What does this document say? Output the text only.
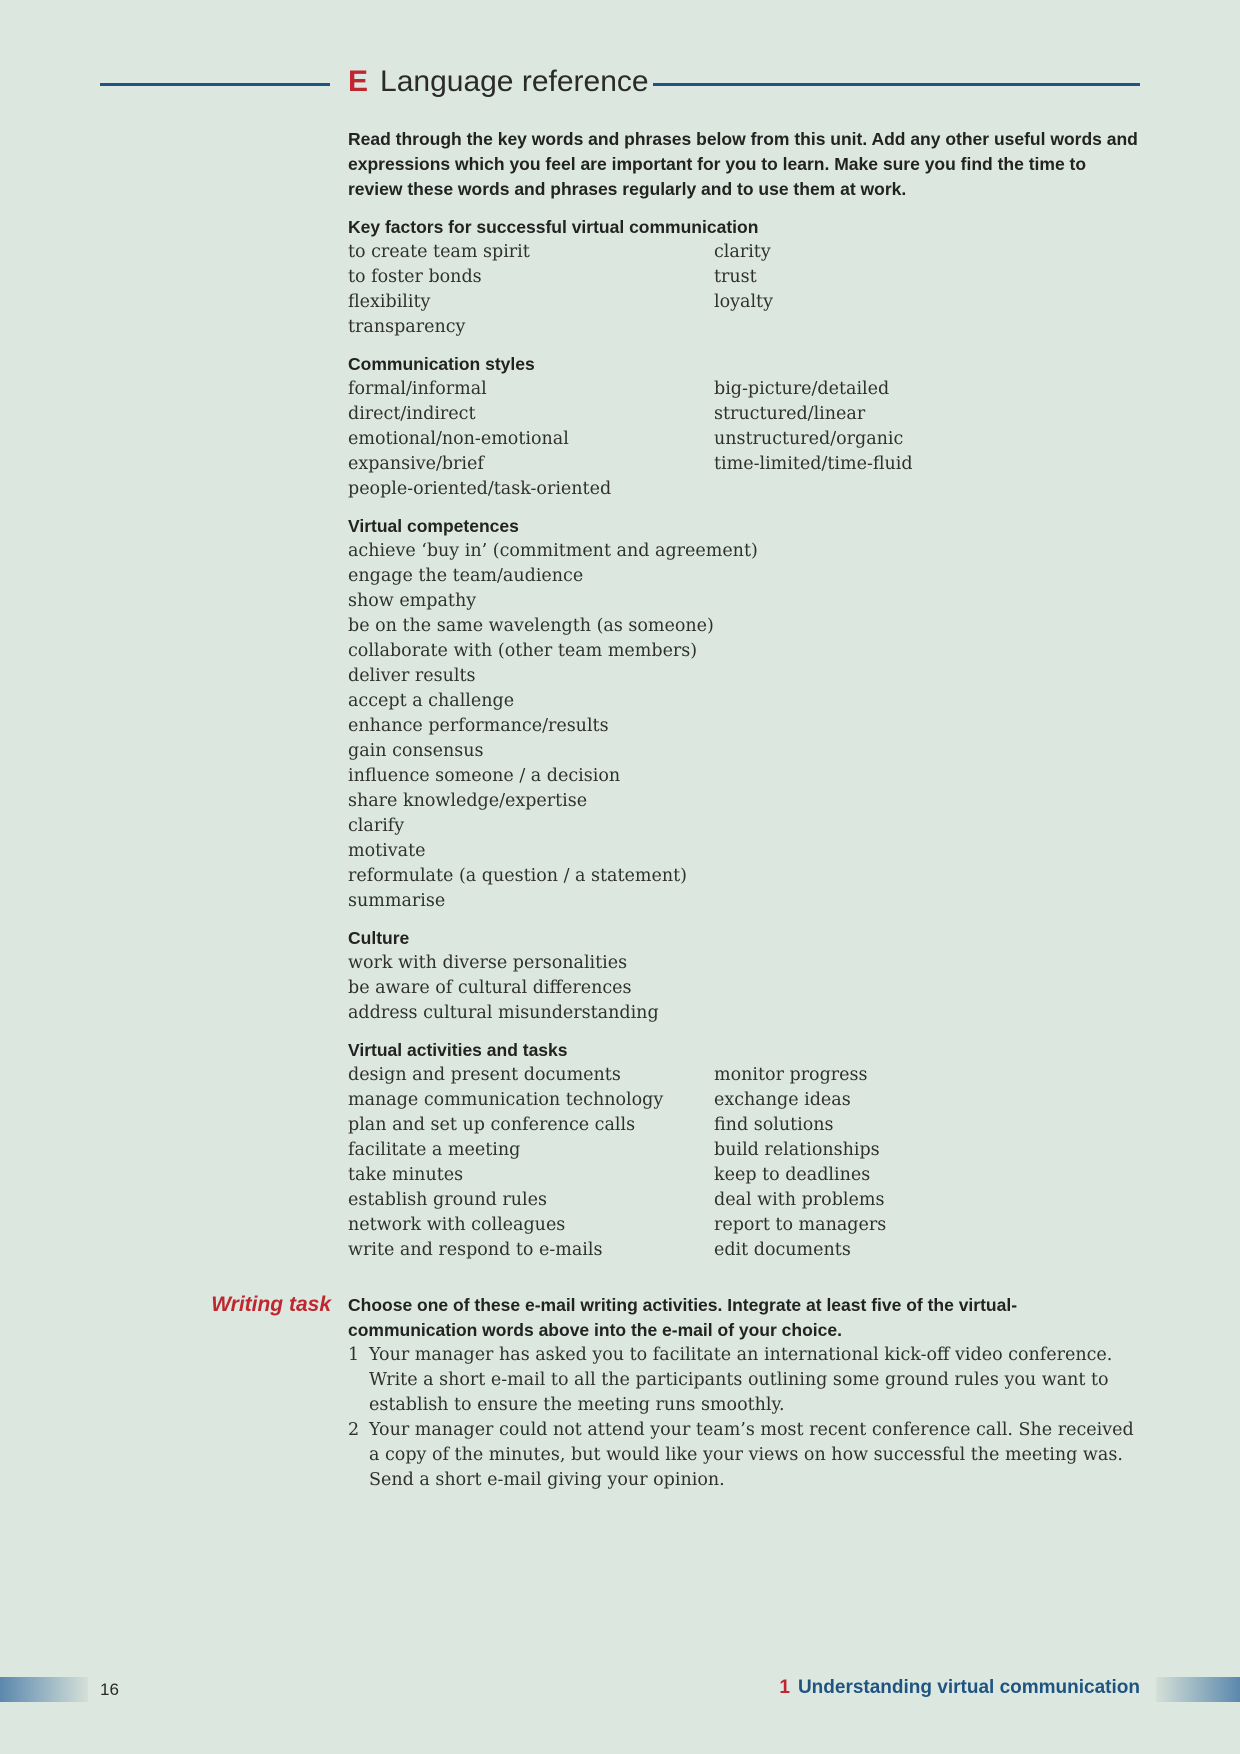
E Language reference

Read through the key words and phrases below from this unit. Add any other useful words and expressions which you feel are important for you to learn. Make sure you find the time to review these words and phrases regularly and to use them at work.

Key factors for successful virtual communication
to create team spirit
to foster bonds
flexibility
transparency
clarity
trust
loyalty
Communication styles
formal/informal
direct/indirect
emotional/non-emotional
expansive/brief
people-oriented/task-oriented
big-picture/detailed
structured/linear
unstructured/organic
time-limited/time-fluid
Virtual competences
achieve ‘buy in’ (commitment and agreement)
engage the team/audience
show empathy
be on the same wavelength (as someone)
collaborate with (other team members)
deliver results
accept a challenge
enhance performance/results
gain consensus
influence someone / a decision
share knowledge/expertise
clarify
motivate
reformulate (a question / a statement)
summarise
Culture
work with diverse personalities
be aware of cultural differences
address cultural misunderstanding
Virtual activities and tasks
design and present documents
manage communication technology
plan and set up conference calls
facilitate a meeting
take minutes
establish ground rules
network with colleagues
write and respond to e-mails
monitor progress
exchange ideas
find solutions
build relationships
keep to deadlines
deal with problems
report to managers
edit documents
Writing task Choose one of these e-mail writing activities. Integrate at least five of the virtual-communication words above into the e-mail of your choice.
1 Your manager has asked you to facilitate an international kick-off video conference. Write a short e-mail to all the participants outlining some ground rules you want to establish to ensure the meeting runs smoothly.
2 Your manager could not attend your team’s most recent conference call. She received a copy of the minutes, but would like your views on how successful the meeting was. Send a short e-mail giving your opinion.
16	1 Understanding virtual communication
